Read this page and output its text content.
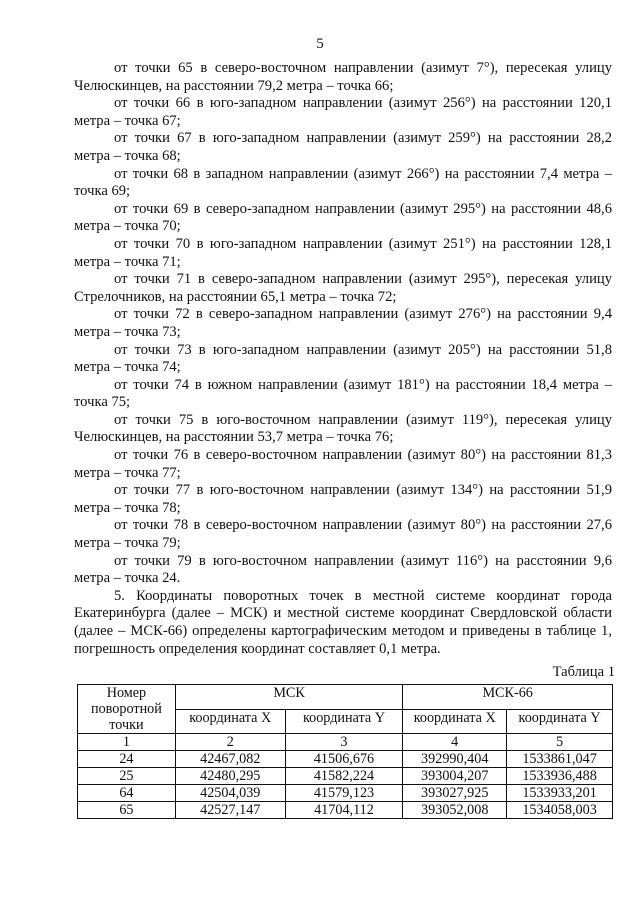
5

от точки 65 в северо-восточном направлении (азимут 7°), пересекая улицу Челюскинцев, на расстоянии 79,2 метра – точка 66;

от точки 66 в юго-западном направлении (азимут 256°) на расстоянии 120,1 метра – точка 67;

от точки 67 в юго-западном направлении (азимут 259°) на расстоянии 28,2 метра – точка 68;

от точки 68 в западном направлении (азимут 266°) на расстоянии 7,4 метра – точка 69;

от точки 69 в северо-западном направлении (азимут 295°) на расстоянии 48,6 метра – точка 70;

от точки 70 в юго-западном направлении (азимут 251°) на расстоянии 128,1 метра – точка 71;

от точки 71 в северо-западном направлении (азимут 295°), пересекая улицу Стрелочников, на расстоянии 65,1 метра – точка 72;

от точки 72 в северо-западном направлении (азимут 276°) на расстоянии 9,4 метра – точка 73;

от точки 73 в юго-западном направлении (азимут 205°) на расстоянии 51,8 метра – точка 74;

от точки 74 в южном направлении (азимут 181°) на расстоянии 18,4 метра – точка 75;

от точки 75 в юго-восточном направлении (азимут 119°), пересекая улицу Челюскинцев, на расстоянии 53,7 метра – точка 76;

от точки 76 в северо-восточном направлении (азимут 80°) на расстоянии 81,3 метра – точка 77;

от точки 77 в юго-восточном направлении (азимут 134°) на расстоянии 51,9 метра – точка 78;

от точки 78 в северо-восточном направлении (азимут 80°) на расстоянии 27,6 метра – точка 79;

от точки 79 в юго-восточном направлении (азимут 116°) на расстоянии 9,6 метра – точка 24.

5. Координаты поворотных точек в местной системе координат города Екатеринбурга (далее – МСК) и местной системе координат Свердловской области (далее – МСК-66) определены картографическим методом и приведены в таблице 1, погрешность определения координат составляет 0,1 метра.

Таблица 1
Номер поворотной точки	МСК		МСК-66	
	координата X	координата Y	координата X	координата Y
1	2	3	4	5
24	42467,082	41506,676	392990,404	1533861,047
25	42480,295	41582,224	393004,207	1533936,488
64	42504,039	41579,123	393027,925	1533933,201
65	42527,147	41704,112	393052,008	1534058,003
